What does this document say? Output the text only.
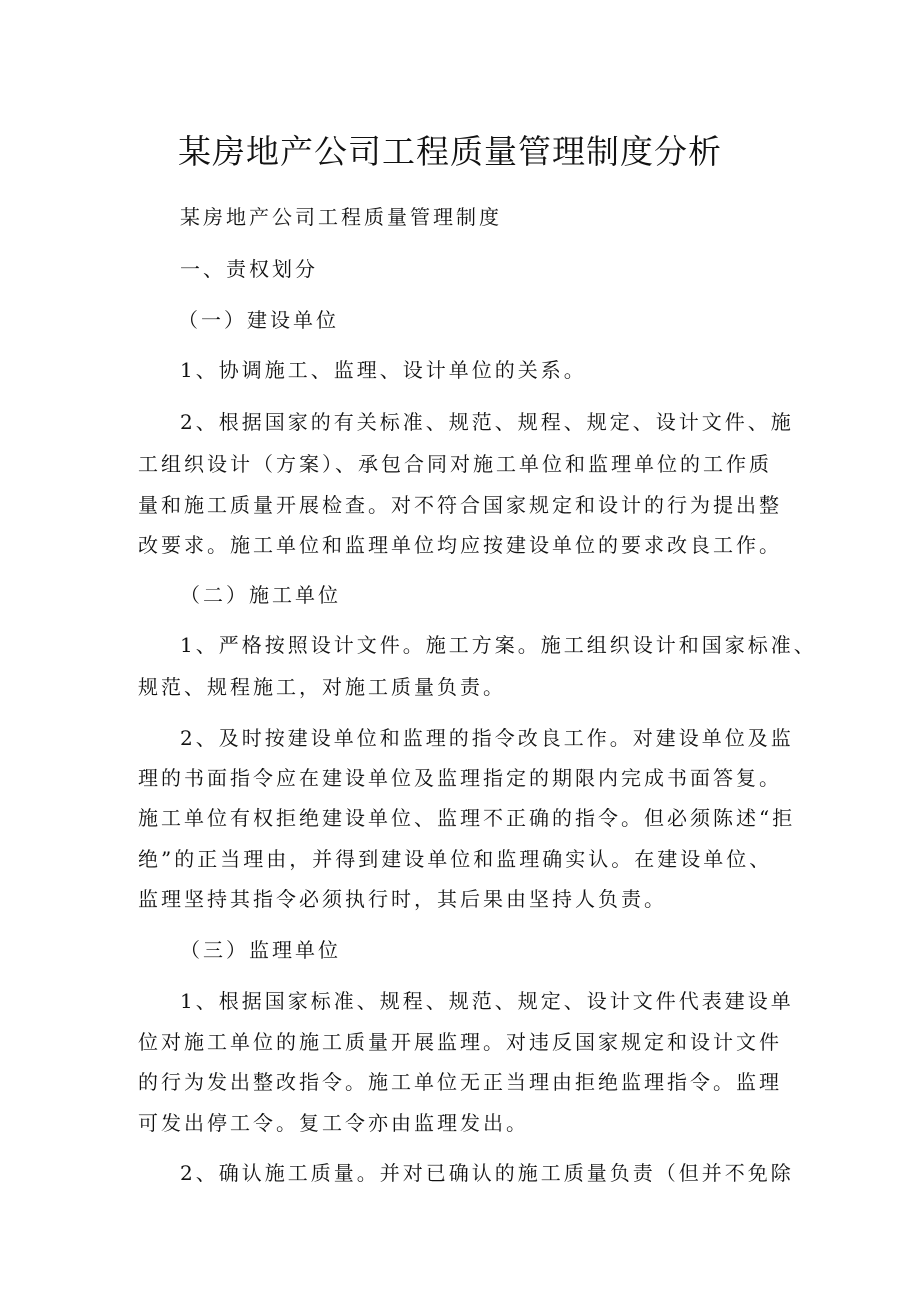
某房地产公司工程质量管理制度分析
某房地产公司工程质量管理制度
一、责权划分
（一）建设单位
1、协调施工、监理、设计单位的关系。
2、根据国家的有关标准、规范、规程、规定、设计文件、施
工组织设计（方案）、承包合同对施工单位和监理单位的工作质
量和施工质量开展检查。对不符合国家规定和设计的行为提出整
改要求。施工单位和监理单位均应按建设单位的要求改良工作。
（二）施工单位
1、严格按照设计文件。施工方案。施工组织设计和国家标准、
规范、规程施工，对施工质量负责。
2、及时按建设单位和监理的指令改良工作。对建设单位及监
理的书面指令应在建设单位及监理指定的期限内完成书面答复。
施工单位有权拒绝建设单位、监理不正确的指令。但必须陈述“拒
绝”的正当理由，并得到建设单位和监理确实认。在建设单位、
监理坚持其指令必须执行时，其后果由坚持人负责。
（三）监理单位
1、根据国家标准、规程、规范、规定、设计文件代表建设单
位对施工单位的施工质量开展监理。对违反国家规定和设计文件
的行为发出整改指令。施工单位无正当理由拒绝监理指令。监理
可发出停工令。复工令亦由监理发出。
2、确认施工质量。并对已确认的施工质量负责（但并不免除
